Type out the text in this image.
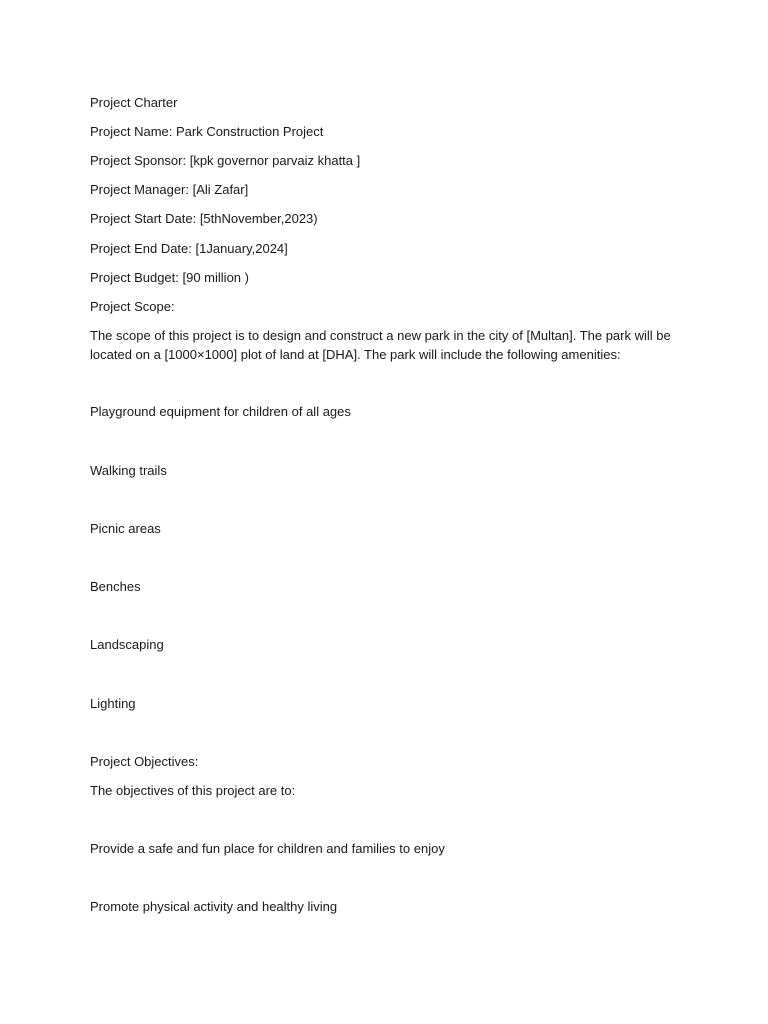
Project Charter
Project Name: Park Construction Project
Project Sponsor: [kpk governor parvaiz khatta ]
Project Manager: [Ali Zafar]
Project Start Date: [5thNovember,2023)
Project End Date: [1January,2024]
Project Budget: [90 million )
Project Scope:
The scope of this project is to design and construct a new park in the city of [Multan]. The park will be
located on a [1000×1000] plot of land at [DHA]. The park will include the following amenities:
Playground equipment for children of all ages
Walking trails
Picnic areas
Benches
Landscaping
Lighting
Project Objectives:
The objectives of this project are to:
Provide a safe and fun place for children and families to enjoy
Promote physical activity and healthy living
